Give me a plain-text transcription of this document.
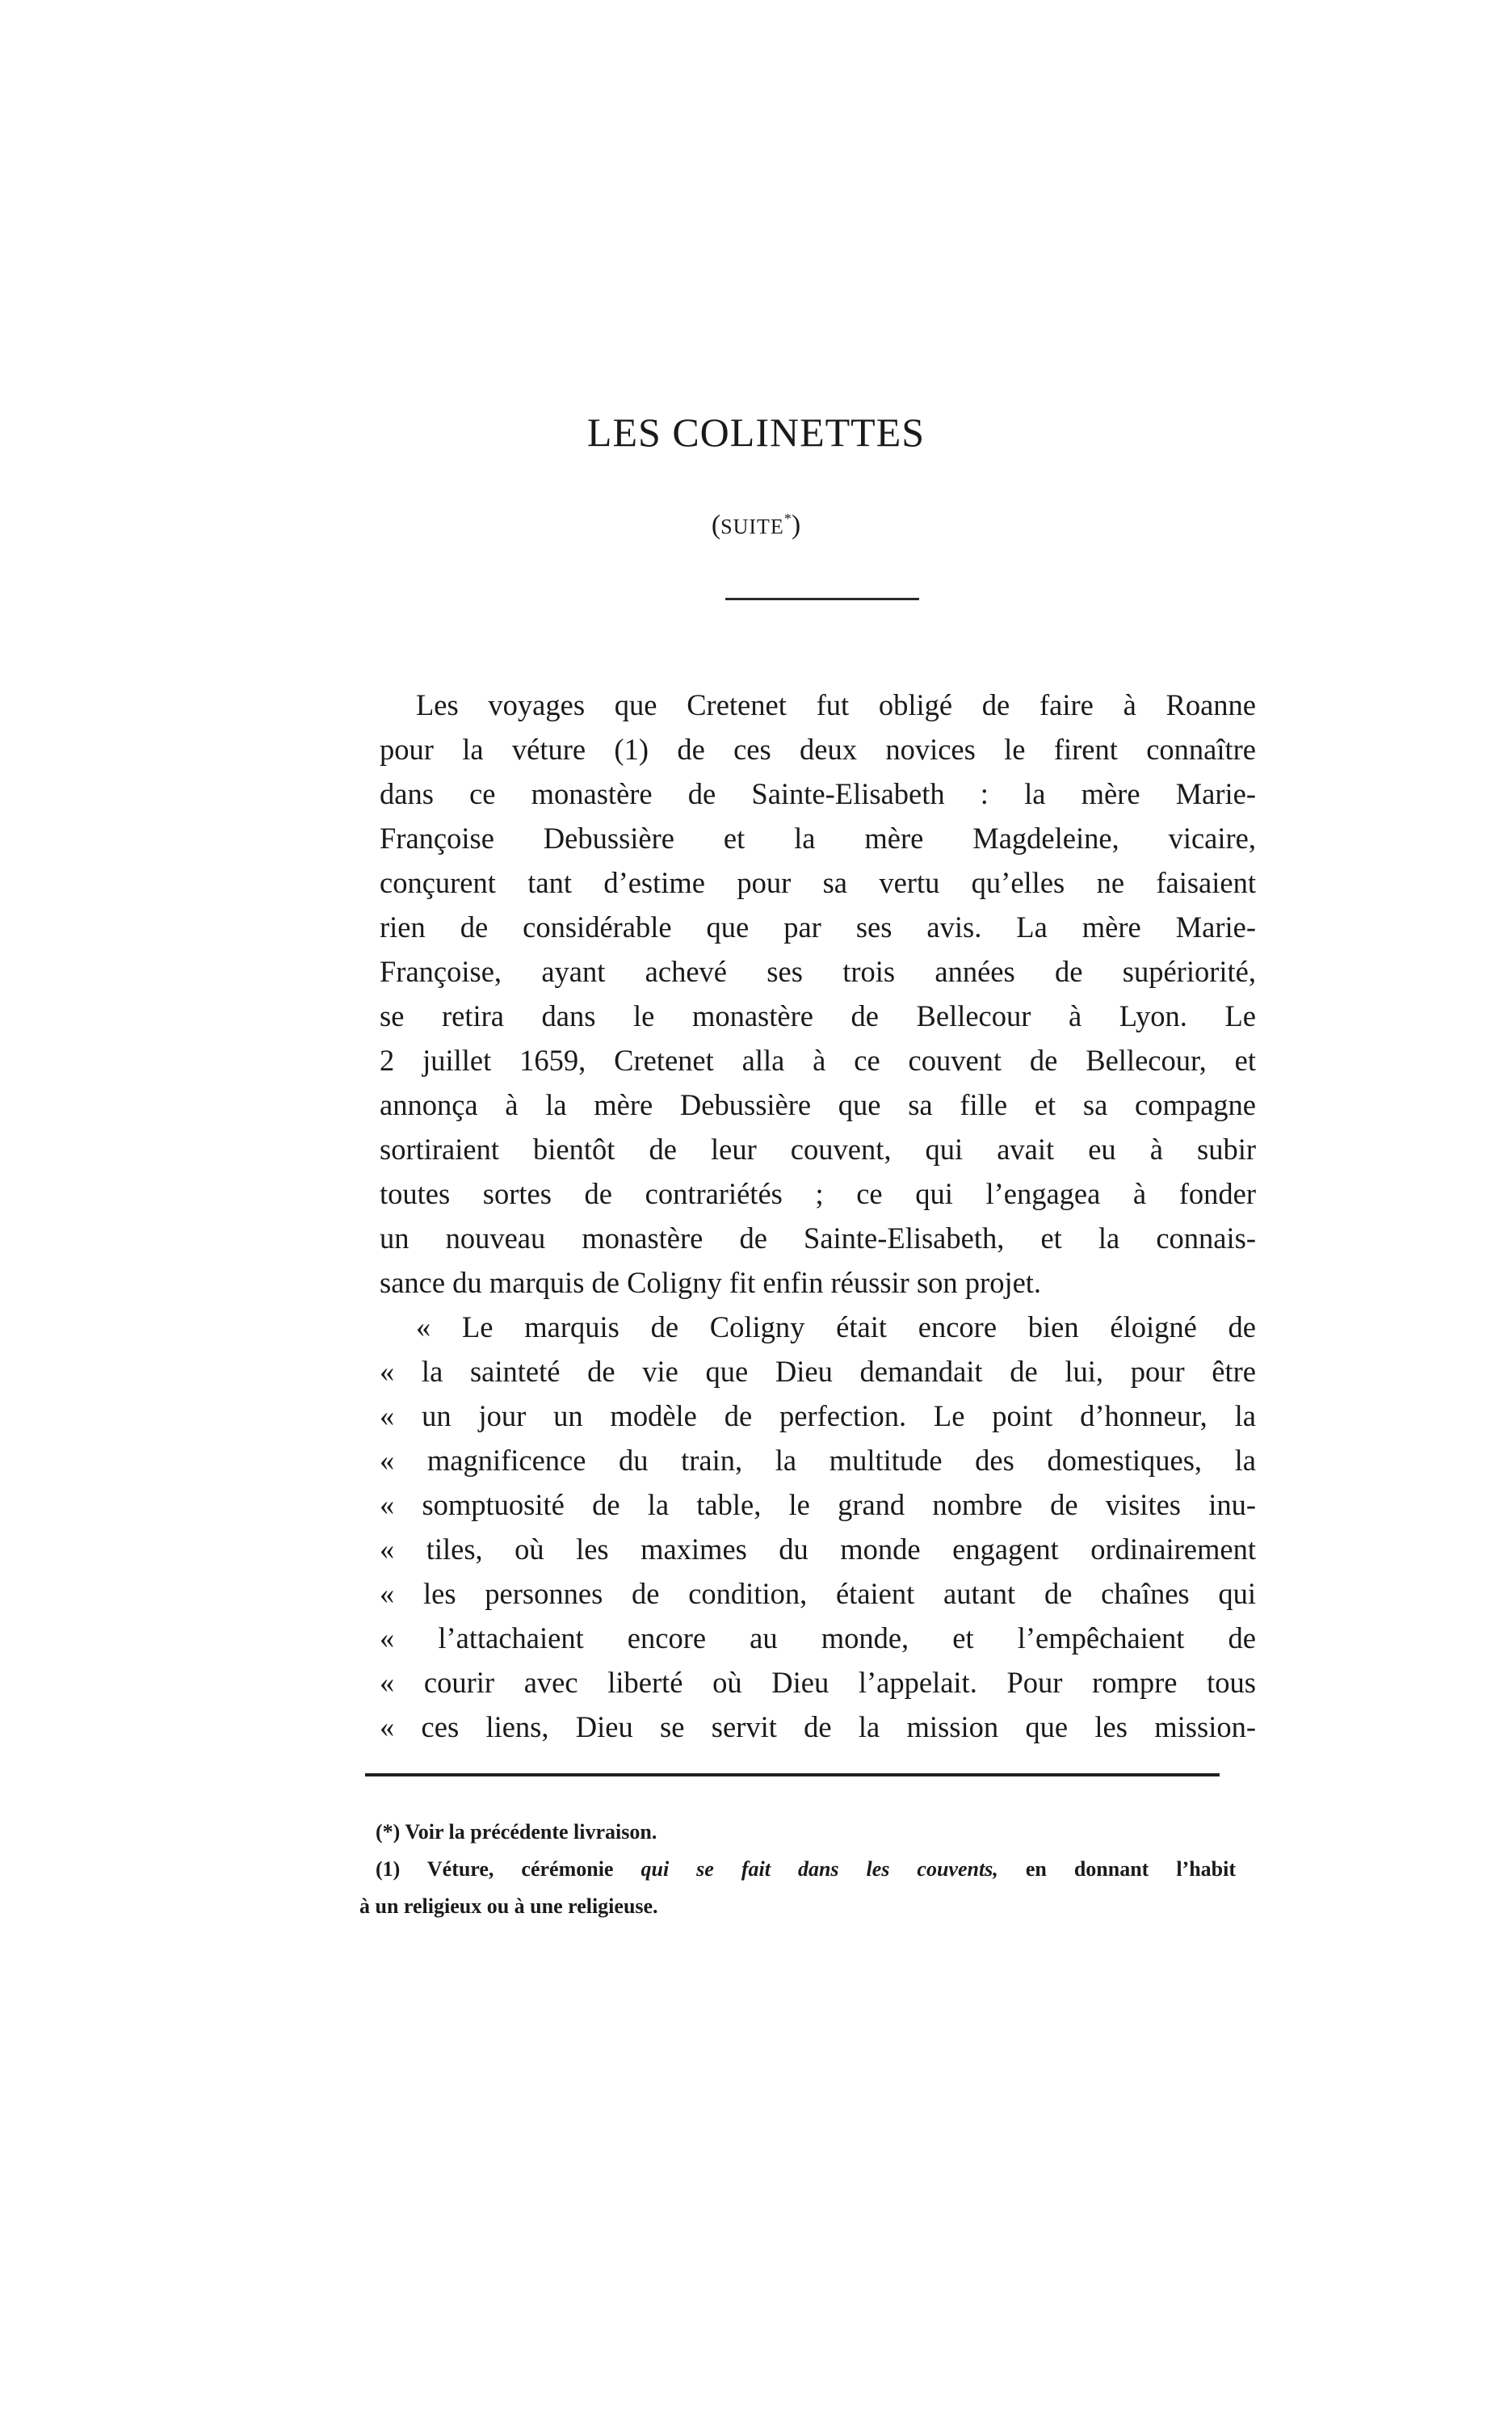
LES COLINETTES
(SUITE*)
Les voyages que Cretenet fut obligé de faire à Roanne
pour la véture (1) de ces deux novices le firent connaître
dans ce monastère de Sainte-Elisabeth : la mère Marie-
Françoise Debussière et la mère Magdeleine, vicaire,
conçurent tant d’estime pour sa vertu qu’elles ne faisaient
rien de considérable que par ses avis. La mère Marie-
Françoise, ayant achevé ses trois années de supériorité,
se retira dans le monastère de Bellecour à Lyon. Le
2 juillet 1659, Cretenet alla à ce couvent de Bellecour, et
annonça à la mère Debussière que sa fille et sa compagne
sortiraient bientôt de leur couvent, qui avait eu à subir
toutes sortes de contrariétés ; ce qui l’engagea à fonder
un nouveau monastère de Sainte-Elisabeth, et la connais-
sance du marquis de Coligny fit enfin réussir son projet.
« Le marquis de Coligny était encore bien éloigné de
« la sainteté de vie que Dieu demandait de lui, pour être
« un jour un modèle de perfection. Le point d’honneur, la
« magnificence du train, la multitude des domestiques, la
« somptuosité de la table, le grand nombre de visites inu-
« tiles, où les maximes du monde engagent ordinairement
« les personnes de condition, étaient autant de chaînes qui
« l’attachaient encore au monde, et l’empêchaient de
« courir avec liberté où Dieu l’appelait. Pour rompre tous
« ces liens, Dieu se servit de la mission que les mission-
(*) Voir la précédente livraison.
(1) Véture, cérémonie qui se fait dans les couvents, en donnant l’habit
à un religieux ou à une religieuse.
